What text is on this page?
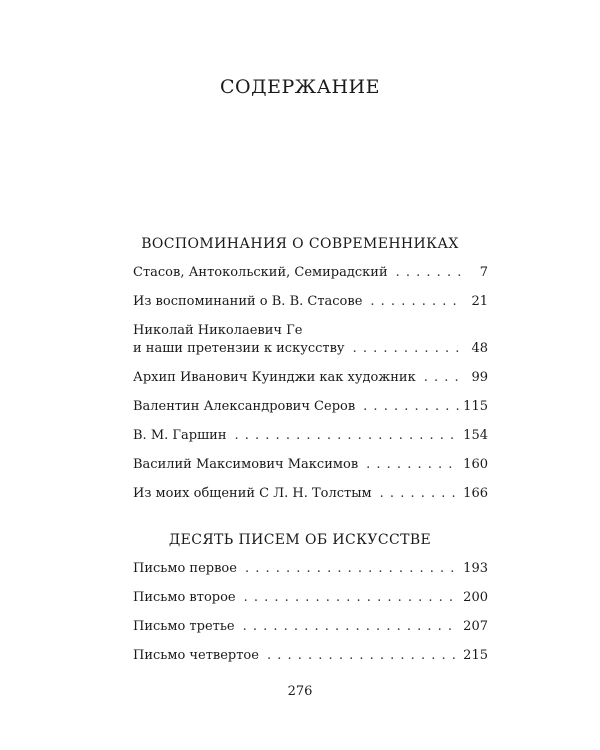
СОДЕРЖАНИЕ
ВОСПОМИНАНИЯ О СОВРЕМЕННИКАХ
Стасов, Антокольский, Семирадский . . .	7
Из воспоминаний о В. В. Стасове . . .	21
Николай Николаевич Ге
и наши претензии к искусству . . .	48
Архип Иванович Куинджи как художник . . .	99
Валентин Александрович Серов . . .	115
В. М. Гаршин . . .	154
Василий Максимович Максимов . . .	160
Из моих общений С Л. Н. Толстым . . .	166
ДЕСЯТЬ ПИСЕМ ОБ ИСКУССТВЕ
Письмо первое . . .	193
Письмо второе . . .	200
Письмо третье . . .	207
Письмо четвертое . . .	215
276
